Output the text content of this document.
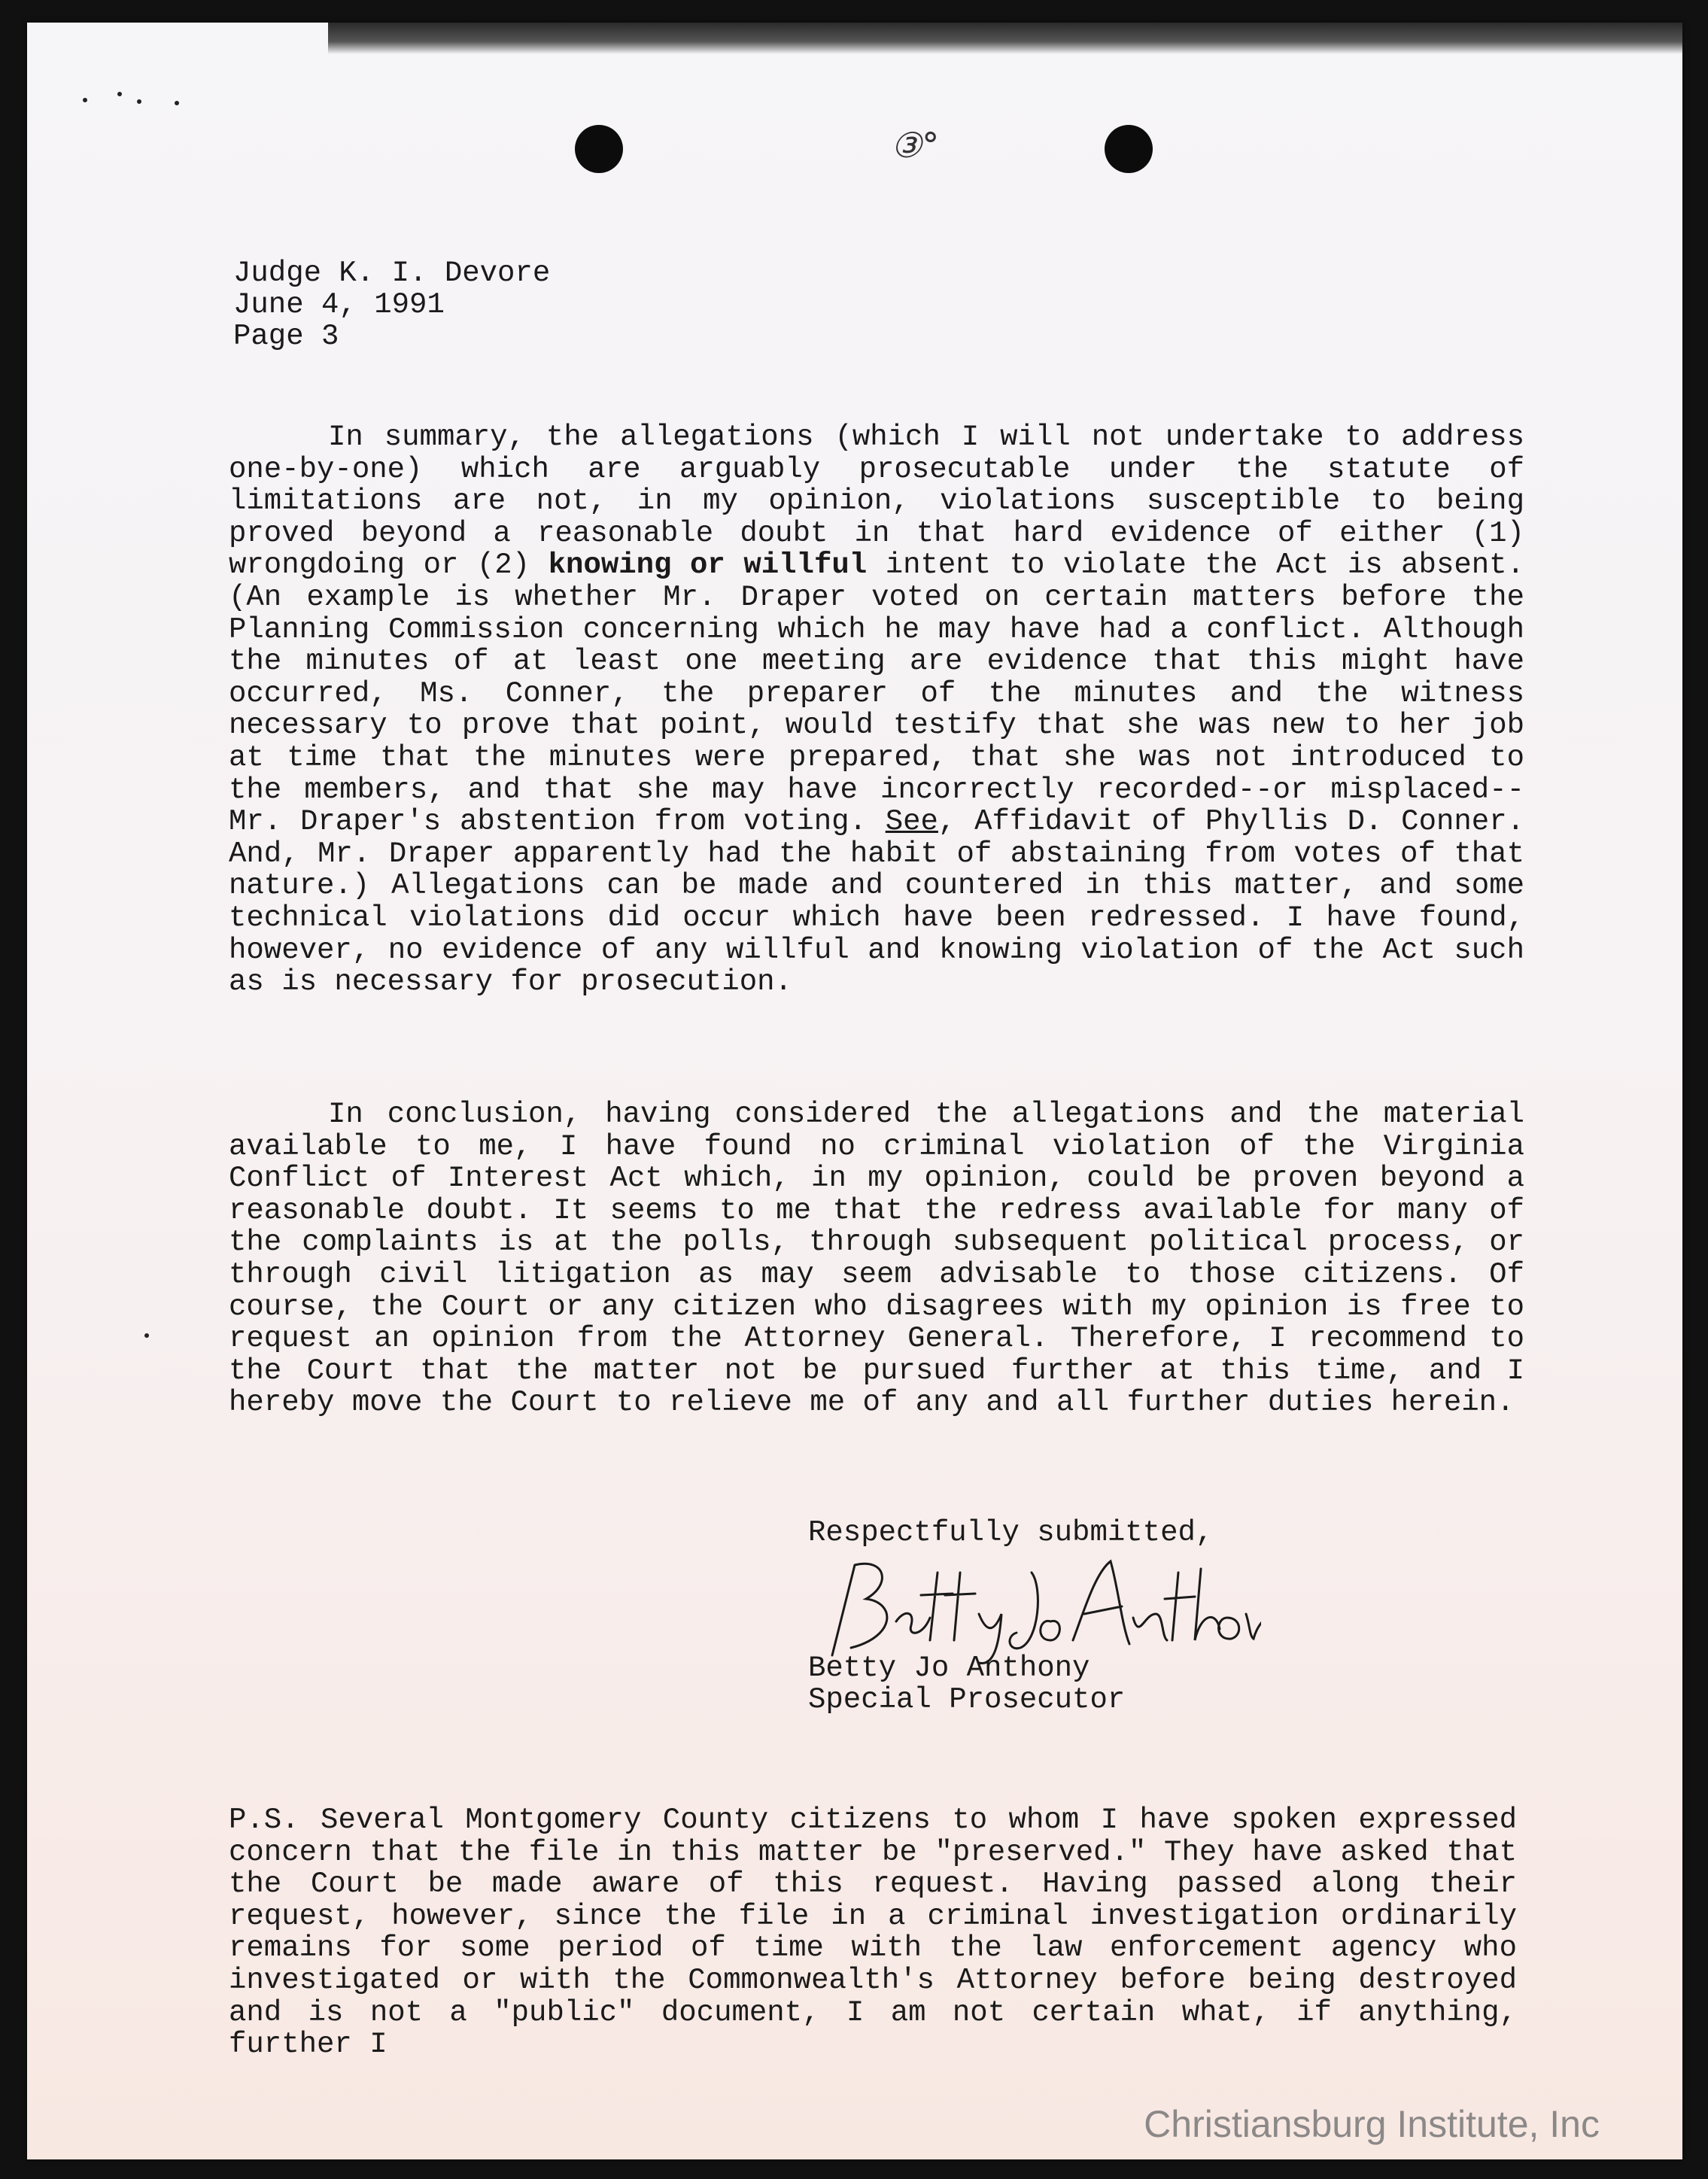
③°
Judge K. I. Devore
June 4, 1991
Page 3
In summary, the allegations (which I will not undertake to address one-by-one) which are arguably prosecutable under the statute of limitations are not, in my opinion, violations susceptible to being proved beyond a reasonable doubt in that hard evidence of either (1) wrongdoing or (2) knowing or willful intent to violate the Act is absent. (An example is whether Mr. Draper voted on certain matters before the Planning Commission concerning which he may have had a conflict. Although the minutes of at least one meeting are evidence that this might have occurred, Ms. Conner, the preparer of the minutes and the witness necessary to prove that point, would testify that she was new to her job at time that the minutes were prepared, that she was not introduced to the members, and that she may have incorrectly recorded--or misplaced--Mr. Draper's abstention from voting. See, Affidavit of Phyllis D. Conner. And, Mr. Draper apparently had the habit of abstaining from votes of that nature.) Allegations can be made and countered in this matter, and some technical violations did occur which have been redressed. I have found, however, no evidence of any willful and knowing violation of the Act such as is necessary for prosecution.
In conclusion, having considered the allegations and the material available to me, I have found no criminal violation of the Virginia Conflict of Interest Act which, in my opinion, could be proven beyond a reasonable doubt. It seems to me that the redress available for many of the complaints is at the polls, through subsequent political process, or through civil litigation as may seem advisable to those citizens. Of course, the Court or any citizen who disagrees with my opinion is free to request an opinion from the Attorney General. Therefore, I recommend to the Court that the matter not be pursued further at this time, and I hereby move the Court to relieve me of any and all further duties herein.
Respectfully submitted,
Betty Jo Anthony
Special Prosecutor
P.S. Several Montgomery County citizens to whom I have spoken expressed concern that the file in this matter be "preserved." They have asked that the Court be made aware of this request. Having passed along their request, however, since the file in a criminal investigation ordinarily remains for some period of time with the law enforcement agency who investigated or with the Commonwealth's Attorney before being destroyed and is not a "public" document, I am not certain what, if anything, further I
Christiansburg Institute, Inc
